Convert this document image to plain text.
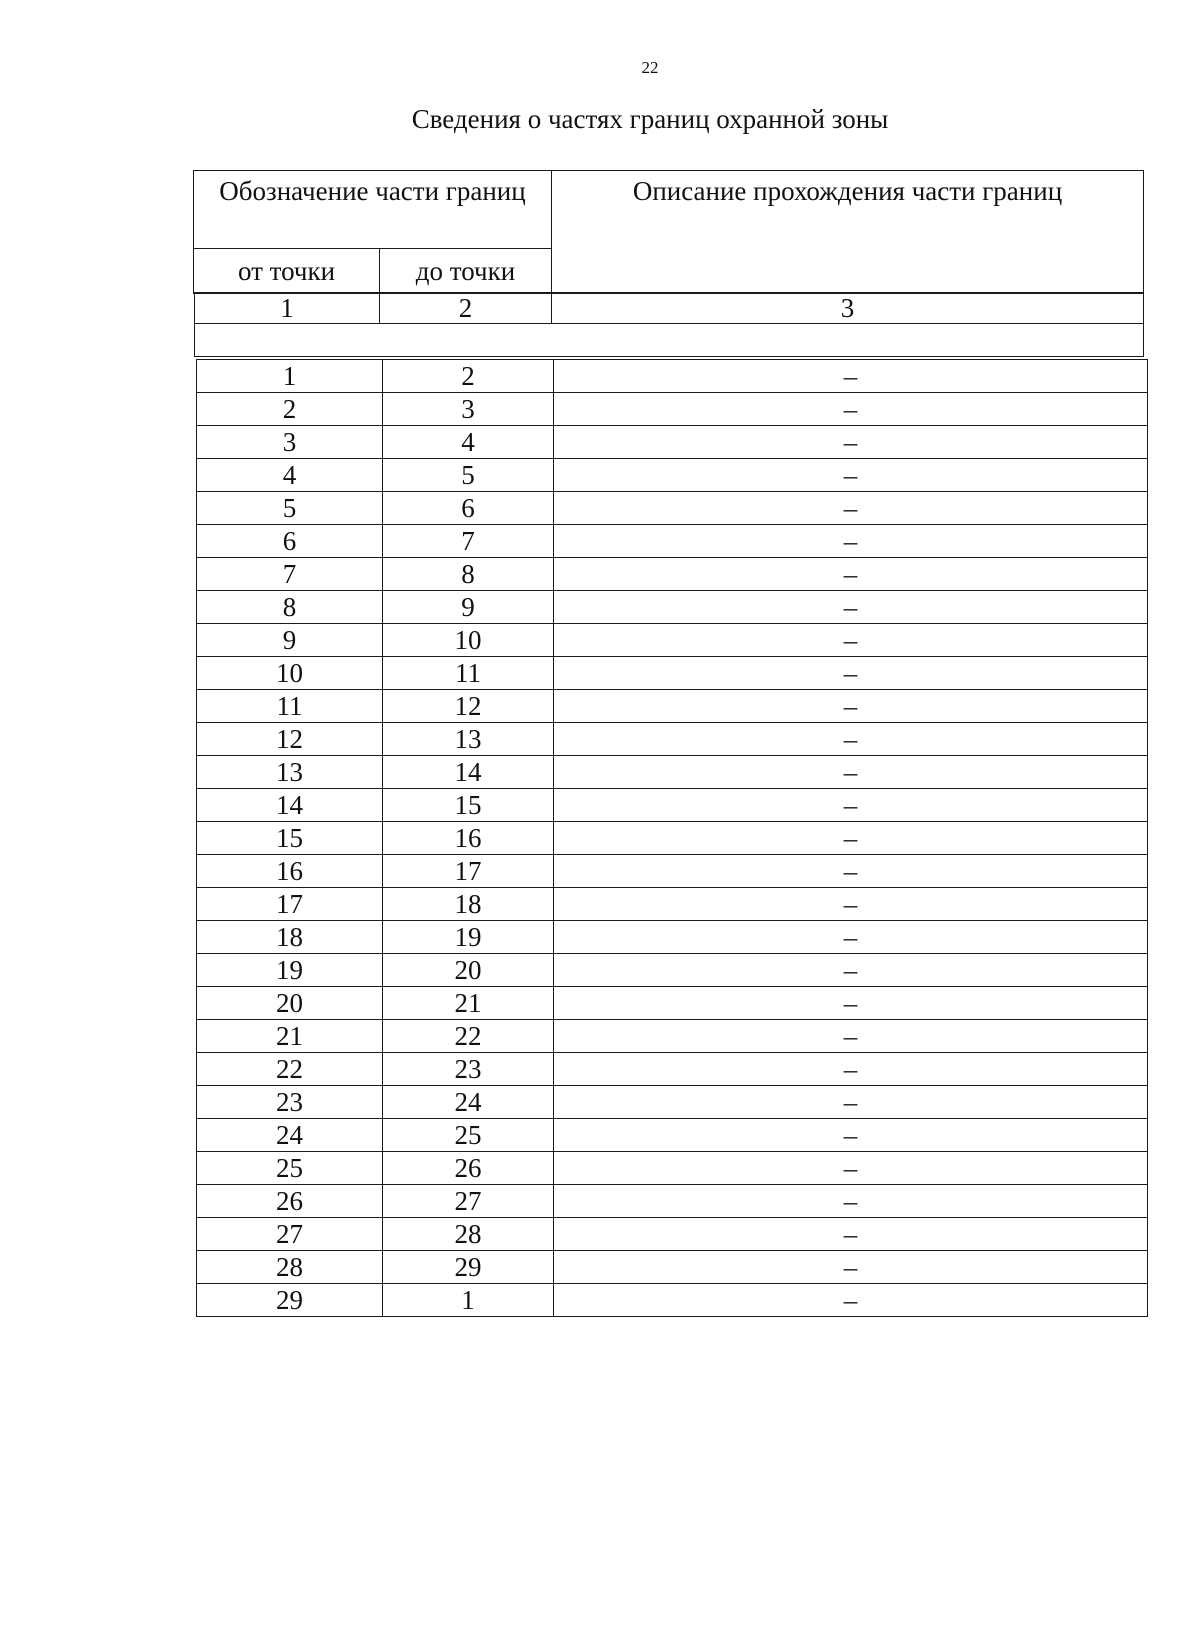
22
Сведения о частях границ охранной зоны
Обозначение части границ		Описание прохождения части границ
от точки	до точки	
1	2	3

1	2	–
2	3	–
3	4	–
4	5	–
5	6	–
6	7	–
7	8	–
8	9	–
9	10	–
10	11	–
11	12	–
12	13	–
13	14	–
14	15	–
15	16	–
16	17	–
17	18	–
18	19	–
19	20	–
20	21	–
21	22	–
22	23	–
23	24	–
24	25	–
25	26	–
26	27	–
27	28	–
28	29	–
29	1	–
